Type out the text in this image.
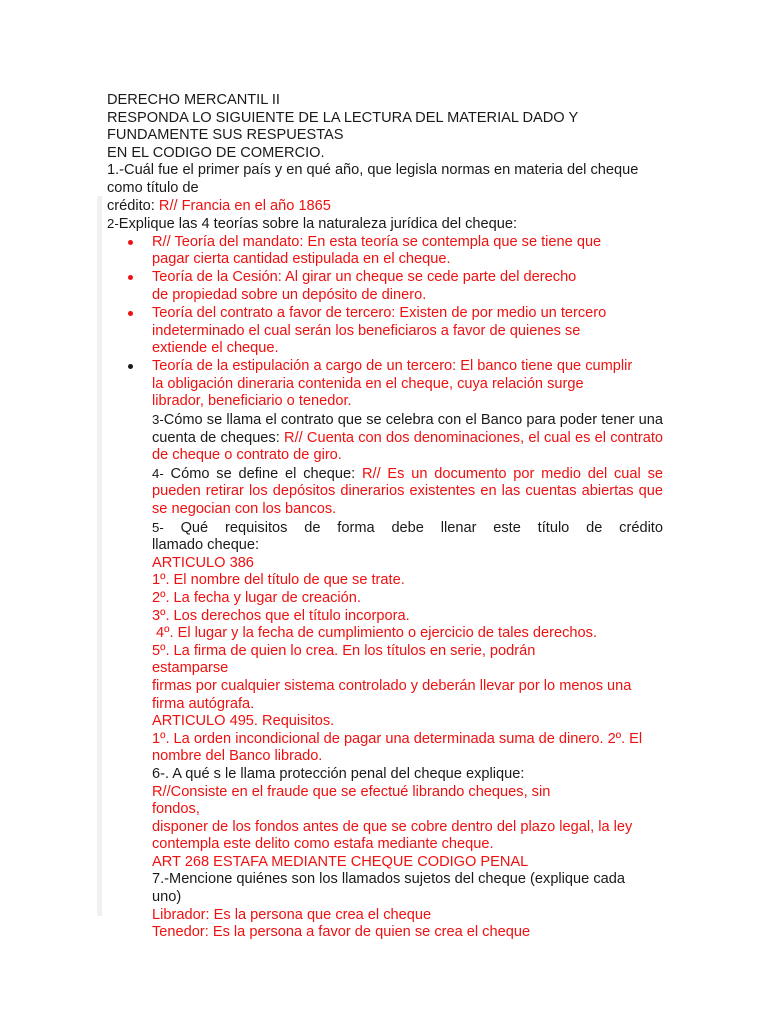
DERECHO MERCANTIL II
RESPONDA LO SIGUIENTE DE LA LECTURA DEL MATERIAL DADO Y
FUNDAMENTE SUS RESPUESTAS
EN EL CODIGO DE COMERCIO.
1.-Cuál fue el primer país y en qué año, que legisla normas en materia del cheque
como título de
crédito: R// Francia en el año 1865
2-Explique las 4 teorías sobre la naturaleza jurídica del cheque:
R// Teoría del mandato: En esta teoría se contempla que se tiene que
pagar cierta cantidad estipulada en el cheque.
Teoría de la Cesión: Al girar un cheque se cede parte del derecho
de propiedad sobre un depósito de dinero.
Teoría del contrato a favor de tercero: Existen de por medio un tercero
indeterminado el cual serán los beneficiaros a favor de quienes se
extiende el cheque.
Teoría de la estipulación a cargo de un tercero: El banco tiene que cumplir
la obligación dineraria contenida en el cheque, cuya relación surge
librador, beneficiario o tenedor.
3-Cómo se llama el contrato que se celebra con el Banco para poder tener una cuenta de cheques: R// Cuenta con dos denominaciones, el cual es el contrato de cheque o contrato de giro.
4- Cómo se define el cheque: R// Es un documento por medio del cual se pueden retirar los depósitos dinerarios existentes en las cuentas abiertas que se negocian con los bancos.
5- Qué requisitos de forma debe llenar este título de crédito
llamado cheque:
ARTICULO 386
1º. El nombre del título de que se trate.
2º. La fecha y lugar de creación.
3º. Los derechos que el título incorpora.
4º. El lugar y la fecha de cumplimiento o ejercicio de tales derechos.
5º. La firma de quien lo crea. En los títulos en serie, podrán
estamparse
firmas por cualquier sistema controlado y deberán llevar por lo menos una
firma autógrafa.
ARTICULO 495. Requisitos.
1º. La orden incondicional de pagar una determinada suma de dinero. 2º. El
nombre del Banco librado.
6-. A qué s le llama protección penal del cheque explique:
R//Consiste en el fraude que se efectué librando cheques, sin
fondos,
disponer de los fondos antes de que se cobre dentro del plazo legal, la ley
contempla este delito como estafa mediante cheque.
ART 268 ESTAFA MEDIANTE CHEQUE CODIGO PENAL
7.-Mencione quiénes son los llamados sujetos del cheque (explique cada
uno)
Librador: Es la persona que crea el cheque
Tenedor: Es la persona a favor de quien se crea el cheque
